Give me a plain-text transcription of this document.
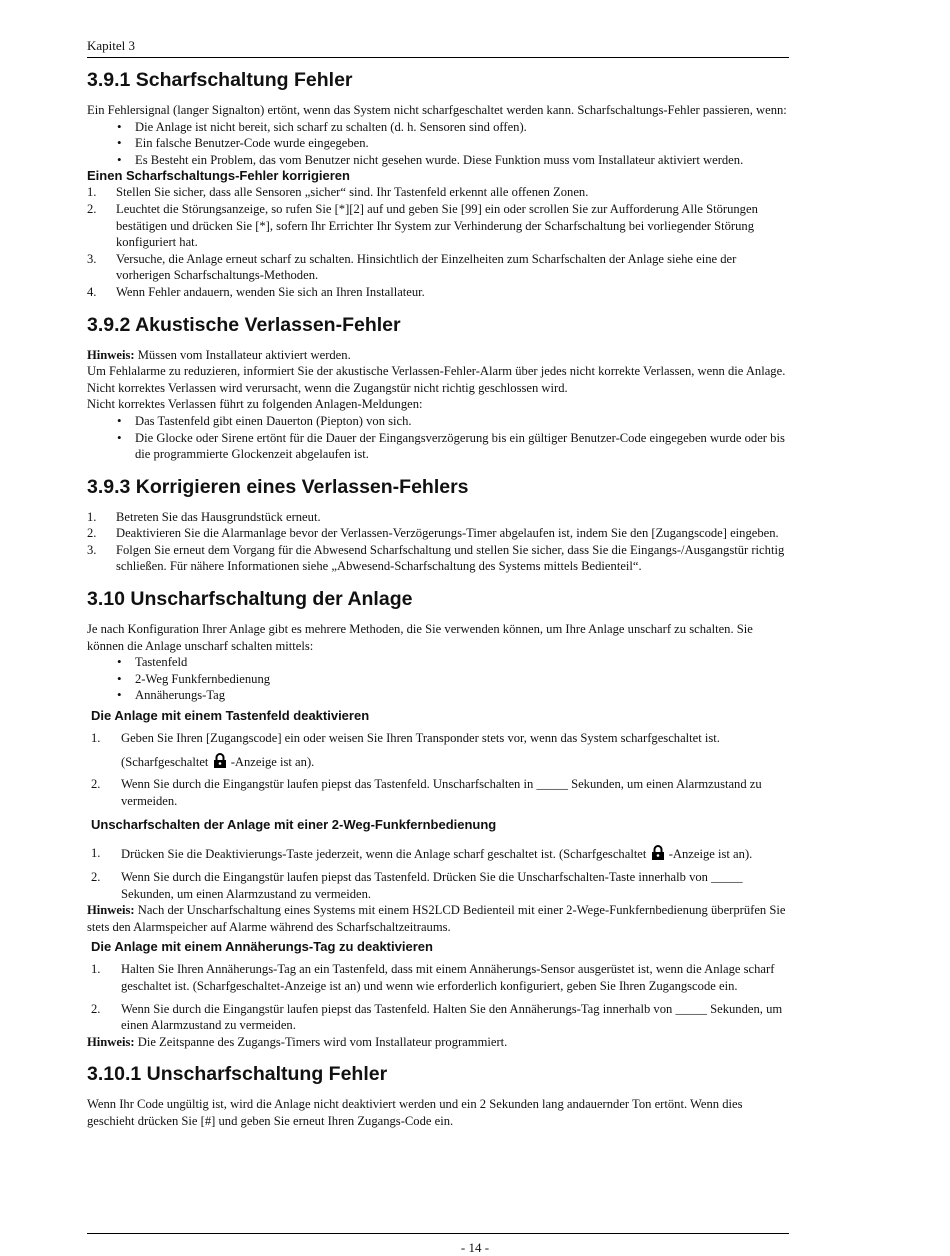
Kapitel 3
3.9.1 Scharfschaltung Fehler

Ein Fehlersignal (langer Signalton) ertönt, wenn das System nicht scharfgeschaltet werden kann. Scharfschaltungs-Fehler passieren, wenn:

• Die Anlage ist nicht bereit, sich scharf zu schalten (d. h. Sensoren sind offen).
• Ein falsche Benutzer-Code wurde eingegeben.
• Es Besteht ein Problem, das vom Benutzer nicht gesehen wurde. Diese Funktion muss vom Installateur aktiviert werden.
Einen Scharfschaltungs-Fehler korrigieren
1. Stellen Sie sicher, dass alle Sensoren „sicher“ sind. Ihr Tastenfeld erkennt alle offenen Zonen.
2. Leuchtet die Störungsanzeige, so rufen Sie [*][2] auf und geben Sie [99] ein oder scrollen Sie zur Aufforderung Alle Störungen bestätigen und drücken Sie [*], sofern Ihr Errichter Ihr System zur Verhinderung der Scharfschaltung bei vorliegender Störung konfiguriert hat.
3. Versuche, die Anlage erneut scharf zu schalten. Hinsichtlich der Einzelheiten zum Scharfschalten der Anlage siehe eine der vorherigen Scharfschaltungs-Methoden.
4. Wenn Fehler andauern, wenden Sie sich an Ihren Installateur.
3.9.2 Akustische Verlassen-Fehler

Hinweis: Müssen vom Installateur aktiviert werden.

Um Fehlalarme zu reduzieren, informiert Sie der akustische Verlassen-Fehler-Alarm über jedes nicht korrekte Verlassen, wenn die Anlage. Nicht korrektes Verlassen wird verursacht, wenn die Zugangstür nicht richtig geschlossen wird.

Nicht korrektes Verlassen führt zu folgenden Anlagen-Meldungen:

• Das Tastenfeld gibt einen Dauerton (Piepton) von sich.
• Die Glocke oder Sirene ertönt für die Dauer der Eingangsverzögerung bis ein gültiger Benutzer-Code eingegeben wurde oder bis die programmierte Glockenzeit abgelaufen ist.
3.9.3 Korrigieren eines Verlassen-Fehlers
1. Betreten Sie das Hausgrundstück erneut.
2. Deaktivieren Sie die Alarmanlage bevor der Verlassen-Verzögerungs-Timer abgelaufen ist, indem Sie den [Zugangscode] eingeben.
3. Folgen Sie erneut dem Vorgang für die Abwesend Scharfschaltung und stellen Sie sicher, dass Sie die Eingangs-/Ausgangstür richtig schließen. Für nähere Informationen siehe „Abwesend-Scharfschaltung des Systems mittels Bedienteil“.
3.10 Unscharfschaltung der Anlage

Je nach Konfiguration Ihrer Anlage gibt es mehrere Methoden, die Sie verwenden können, um Ihre Anlage unscharf zu schalten. Sie können die Anlage unscharf schalten mittels:

• Tastenfeld
• 2-Weg Funkfernbedienung
• Annäherungs-Tag
Die Anlage mit einem Tastenfeld deaktivieren
1. Geben Sie Ihren [Zugangscode] ein oder weisen Sie Ihren Transponder stets vor, wenn das System scharfgeschaltet ist.
(Scharfgeschaltet
-Anzeige ist an).
2. Wenn Sie durch die Eingangstür laufen piepst das Tastenfeld. Unscharfschalten in _____ Sekunden, um einen Alarmzustand zu vermeiden.
Unscharfschalten der Anlage mit einer 2-Weg-Funkfernbedienung
1. Drücken Sie die Deaktivierungs-Taste jederzeit, wenn die Anlage scharf geschaltet ist. (Scharfgeschaltet
-Anzeige ist an).
2. Wenn Sie durch die Eingangstür laufen piepst das Tastenfeld. Drücken Sie die Unscharfschalten-Taste innerhalb von _____ Sekunden, um einen Alarmzustand zu vermeiden.

Hinweis: Nach der Unscharfschaltung eines Systems mit einem HS2LCD Bedienteil mit einer 2-Wege-Funkfernbedienung überprüfen Sie stets den Alarmspeicher auf Alarme während des Scharfschaltzeitraums.

Die Anlage mit einem Annäherungs-Tag zu deaktivieren
1. Halten Sie Ihren Annäherungs-Tag an ein Tastenfeld, dass mit einem Annäherungs-Sensor ausgerüstet ist, wenn die Anlage scharf geschaltet ist. (Scharfgeschaltet-Anzeige ist an) und wenn wie erforderlich konfiguriert, geben Sie Ihren Zugangscode ein.
2. Wenn Sie durch die Eingangstür laufen piepst das Tastenfeld. Halten Sie den Annäherungs-Tag innerhalb von _____ Sekunden, um einen Alarmzustand zu vermeiden.

Hinweis: Die Zeitspanne des Zugangs-Timers wird vom Installateur programmiert.

3.10.1 Unscharfschaltung Fehler

Wenn Ihr Code ungültig ist, wird die Anlage nicht deaktiviert werden und ein 2 Sekunden lang andauernder Ton ertönt. Wenn dies geschieht drücken Sie [#] und geben Sie erneut Ihren Zugangs-Code ein.

- 14 -
